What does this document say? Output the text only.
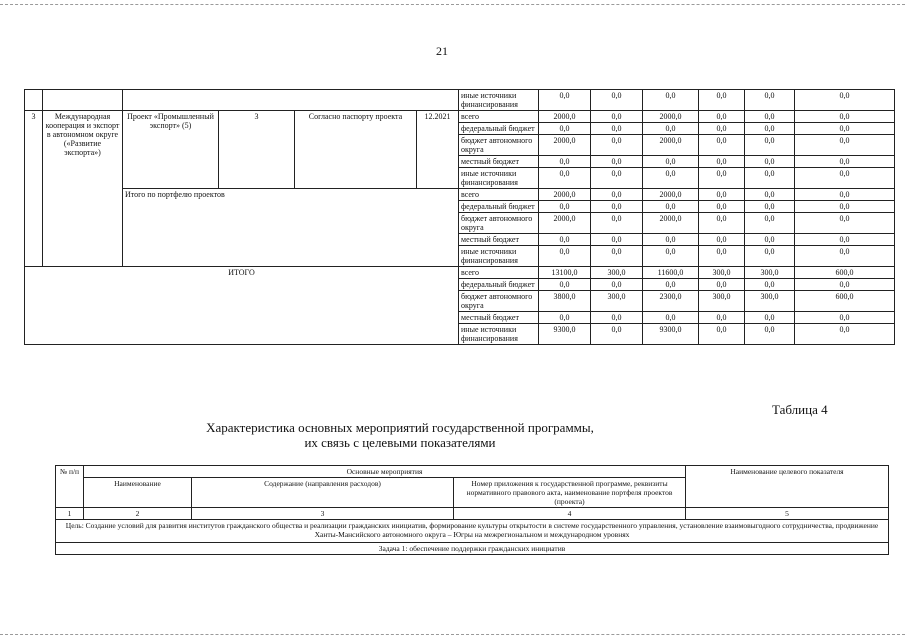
21
						иные источники финансирования	0,0	0,0	0,0	0,0	0,0	0,0
3	Международная кооперация и экспорт в автономном округе («Развитие экспорта»)	Проект «Промышленный экспорт» (5)	3	Согласно паспорту проекта	12.2021	всего	2000,0	0,0	2000,0	0,0	0,0	0,0
						федеральный бюджет	0,0	0,0	0,0	0,0	0,0	0,0
						бюджет автономного округа	2000,0	0,0	2000,0	0,0	0,0	0,0
						местный бюджет	0,0	0,0	0,0	0,0	0,0	0,0
						иные источники финансирования	0,0	0,0	0,0	0,0	0,0	0,0
		Итого по портфелю проектов				всего	2000,0	0,0	2000,0	0,0	0,0	0,0
						федеральный бюджет	0,0	0,0	0,0	0,0	0,0	0,0
						бюджет автономного округа	2000,0	0,0	2000,0	0,0	0,0	0,0
						местный бюджет	0,0	0,0	0,0	0,0	0,0	0,0
						иные источники финансирования	0,0	0,0	0,0	0,0	0,0	0,0
ИТОГО						всего	13100,0	300,0	11600,0	300,0	300,0	600,0
						федеральный бюджет	0,0	0,0	0,0	0,0	0,0	0,0
						бюджет автономного округа	3800,0	300,0	2300,0	300,0	300,0	600,0
						местный бюджет	0,0	0,0	0,0	0,0	0,0	0,0
						иные источники финансирования	9300,0	0,0	9300,0	0,0	0,0	0,0
Таблица 4
Характеристика основных мероприятий государственной программы,
их связь с целевыми показателями
№ п/п	Основные мероприятия			Наименование целевого показателя
	Наименование	Содержание (направления расходов)	Номер приложения к государственной программе, реквизиты нормативного правового акта, наименование портфеля проектов (проекта)	
1	2	3	4	5
Цель: Создание условий для развития институтов гражданского общества и реализации гражданских инициатив, формирование культуры открытости в системе государственного управления, установление взаимовыгодного сотрудничества, продвижение Ханты-Мансийского автономного округа – Югры на межрегиональном и международном уровнях				
Задача 1: обеспечение поддержки гражданских инициатив				
